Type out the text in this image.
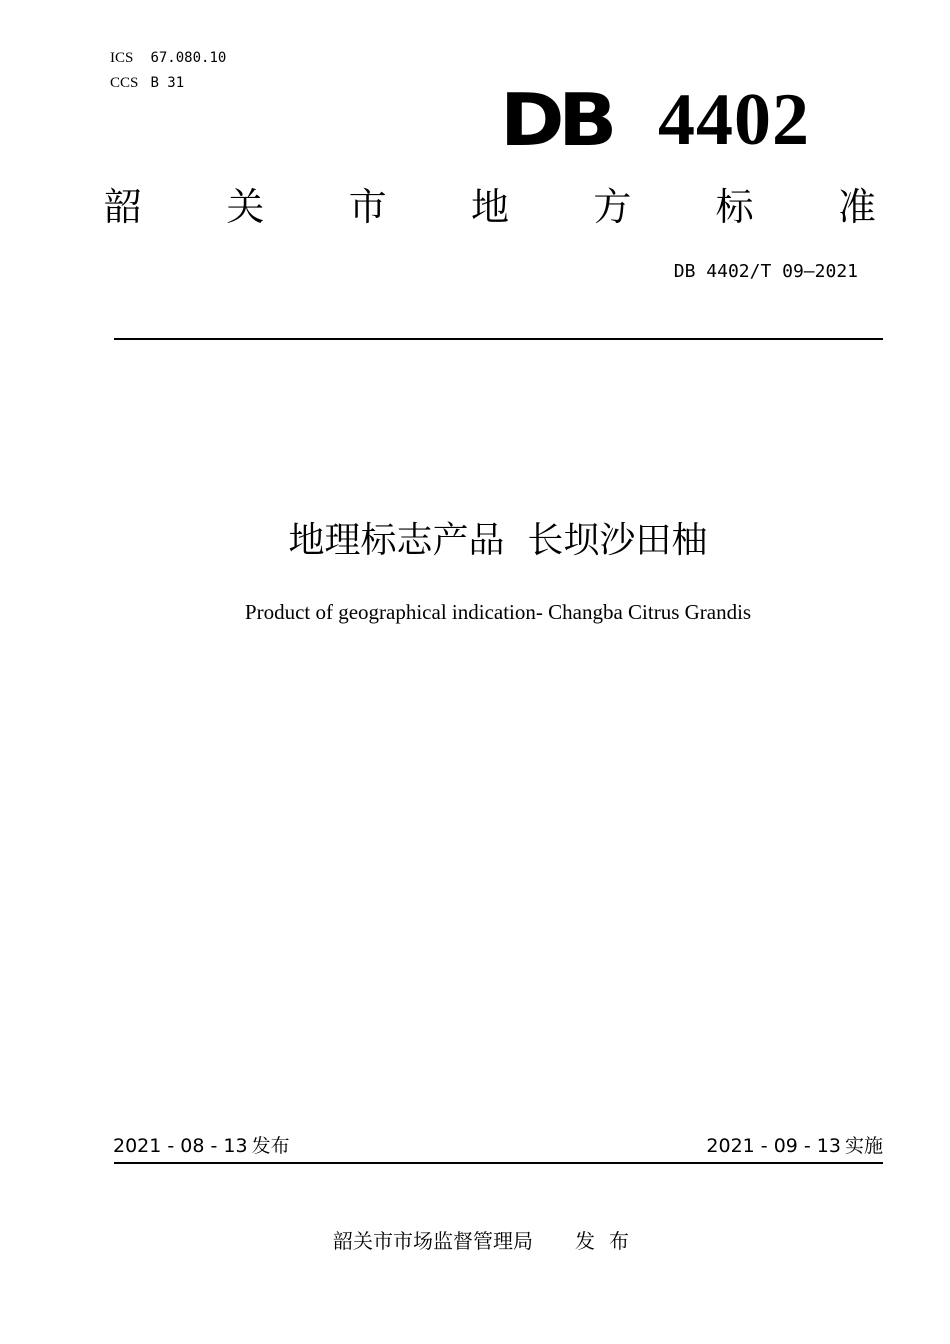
ICS 67.080.10
CCS B 31	DB 4402
韶 关 市 地 方 标 准
DB 4402/T 09—2021
地理标志产品  长坝沙田柚
Product of geographical indication- Changba Citrus Grandis
2021 - 08 - 13 发布	2021 - 09 - 13 实施
韶关市市场监督管理局 发布
